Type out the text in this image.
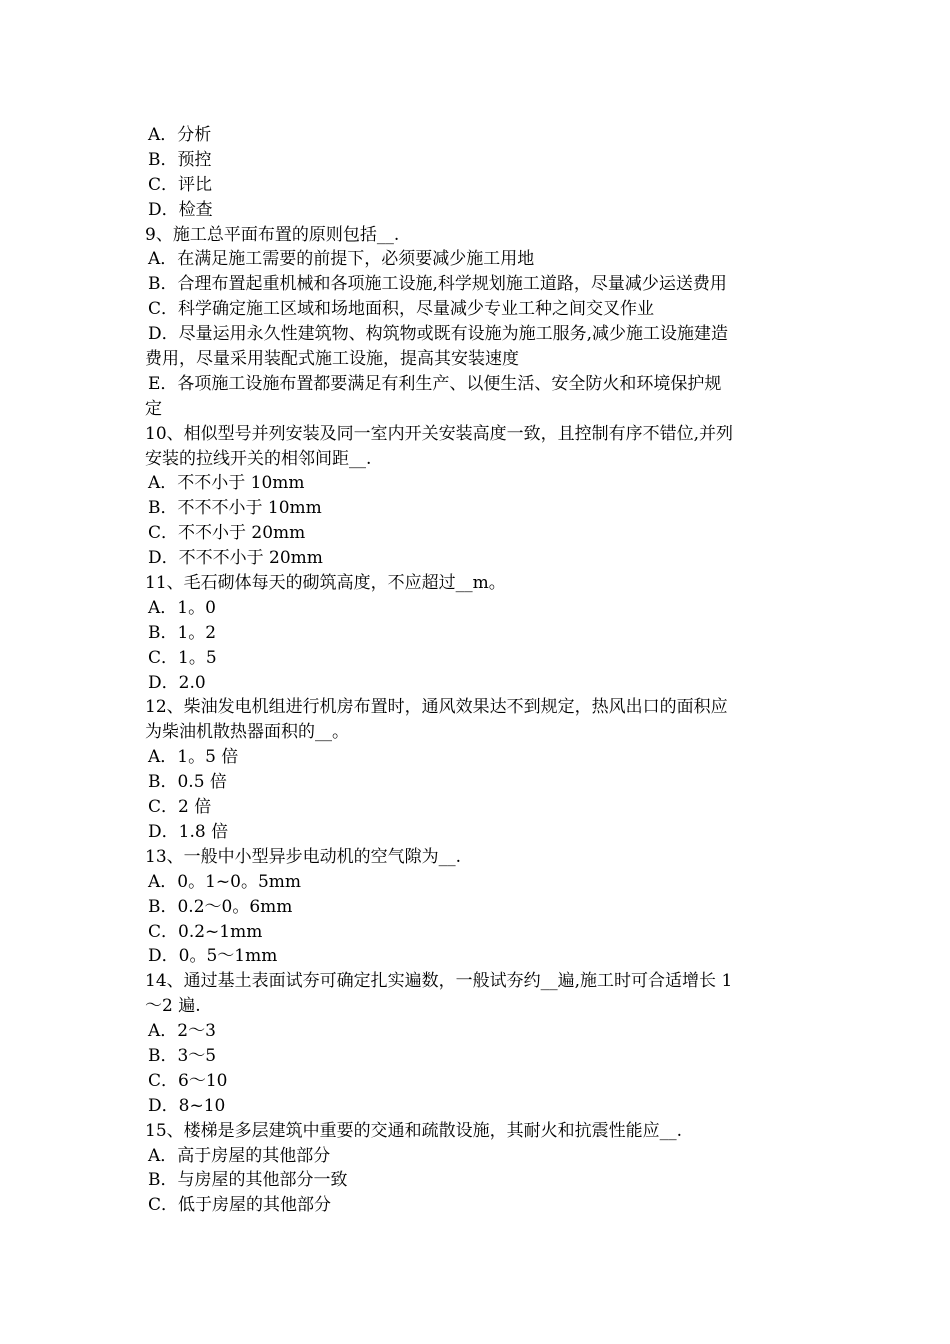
A．分析
B．预控
C．评比
D．检查
9、施工总平面布置的原则包括__.
A．在满足施工需要的前提下，必须要减少施工用地
B．合理布置起重机械和各项施工设施,科学规划施工道路，尽量减少运送费用
C．科学确定施工区域和场地面积，尽量减少专业工种之间交叉作业
D．尽量运用永久性建筑物、构筑物或既有设施为施工服务,减少施工设施建造
费用，尽量采用装配式施工设施，提高其安装速度
E．各项施工设施布置都要满足有利生产、以便生活、安全防火和环境保护规
定
10、相似型号并列安装及同一室内开关安装高度一致，且控制有序不错位,并列
安装的拉线开关的相邻间距__.
A．不不小于 10mm
B．不不不小于 10mm
C．不不小于 20mm
D．不不不小于 20mm
11、毛石砌体每天的砌筑高度，不应超过__m。
A．1。0
B．1。2
C．1。5
D．2.0
12、柴油发电机组进行机房布置时，通风效果达不到规定，热风出口的面积应
为柴油机散热器面积的__。
A．1。5 倍
B．0.5 倍
C．2 倍
D．1.8 倍
13、一般中小型异步电动机的空气隙为__.
A．0。1~0。5mm
B．0.2～0。6mm
C．0.2~1mm
D．0。5～1mm
14、通过基土表面试夯可确定扎实遍数，一般试夯约__遍,施工时可合适增长 1
～2 遍.
A．2～3
B．3～5
C．6～10
D．8~10
15、楼梯是多层建筑中重要的交通和疏散设施，其耐火和抗震性能应__.
A．高于房屋的其他部分
B．与房屋的其他部分一致
C．低于房屋的其他部分
